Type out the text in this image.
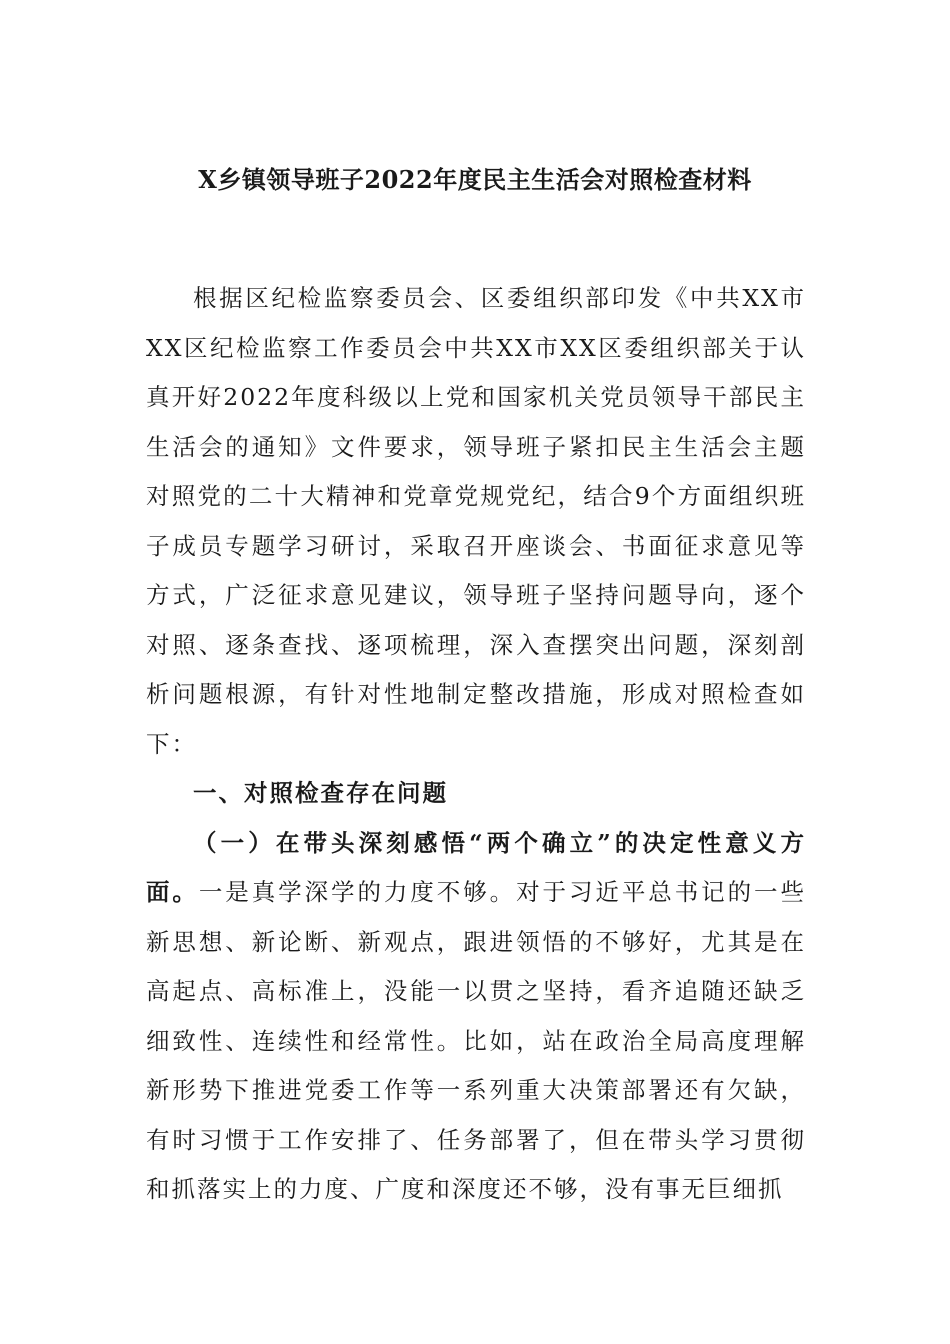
X乡镇领导班子2022年度民主生活会对照检查材料

根据区纪检监察委员会、区委组织部印发《中共XX市XX区纪检监察工作委员会中共XX市XX区委组织部关于认真开好2022年度科级以上党和国家机关党员领导干部民主生活会的通知》文件要求，领导班子紧扣民主生活会主题对照党的二十大精神和党章党规党纪，结合9个方面组织班子成员专题学习研讨，采取召开座谈会、书面征求意见等方式，广泛征求意见建议，领导班子坚持问题导向，逐个对照、逐条查找、逐项梳理，深入查摆突出问题，深刻剖析问题根源，有针对性地制定整改措施，形成对照检查如下：

一、对照检查存在问题

（一）在带头深刻感悟“两个确立”的决定性意义方面。一是真学深学的力度不够。对于习近平总书记的一些新思想、新论断、新观点，跟进领悟的不够好，尤其是在高起点、高标准上，没能一以贯之坚持，看齐追随还缺乏细致性、连续性和经常性。比如，站在政治全局高度理解新形势下推进党委工作等一系列重大决策部署还有欠缺，有时习惯于工作安排了、任务部署了，但在带头学习贯彻和抓落实上的力度、广度和深度还不够，没有事无巨细抓
